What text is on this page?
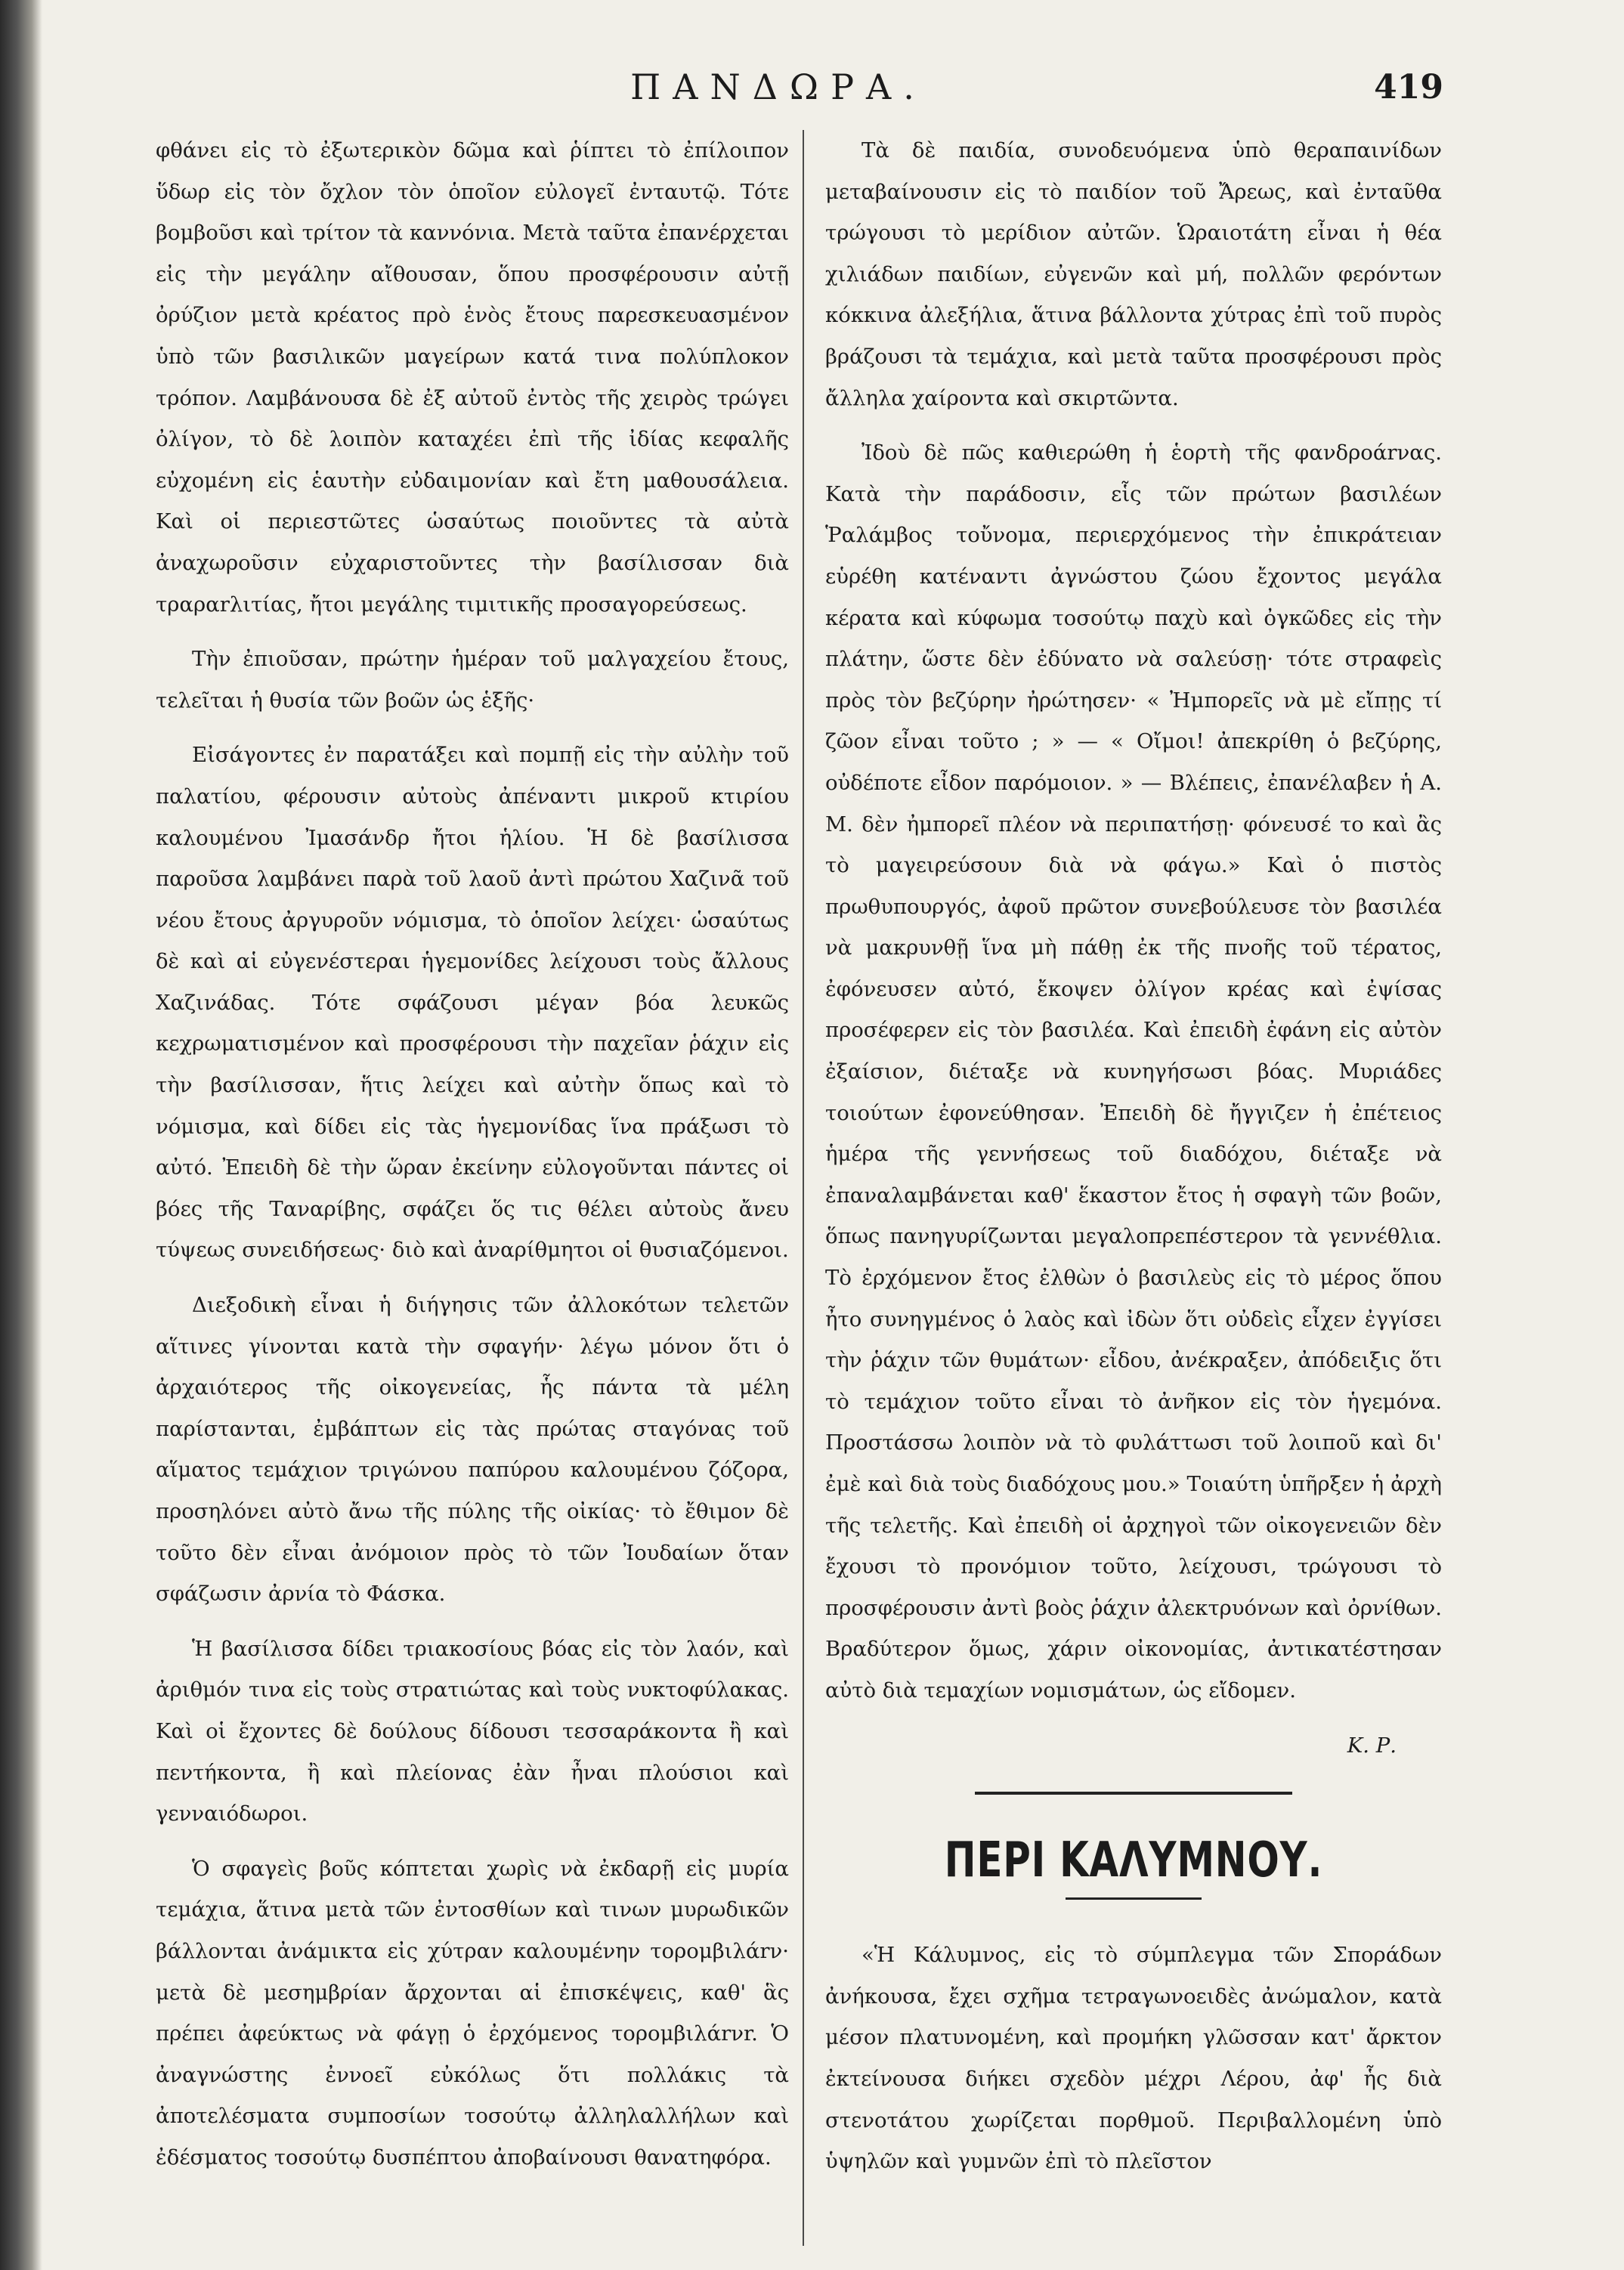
ΠΑΝΔΩΡΑ.	419

φθάνει εἰς τὸ ἐξωτερικὸν δῶμα καὶ ῥίπτει τὸ ἐπίλοιπον ὕδωρ εἰς τὸν ὄχλον τὸν ὁποῖον εὐλογεῖ ἐνταυτῷ. Τότε βομβοῦσι καὶ τρίτον τὰ καννόνια. Μετὰ ταῦτα ἐπανέρχεται εἰς τὴν μεγάλην αἴθουσαν, ὅπου προσφέρουσιν αὐτῇ ὀρύζιον μετὰ κρέατος πρὸ ἑνὸς ἔτους παρεσκευασμένον ὑπὸ τῶν βασιλικῶν μαγείρων κατά τινα πολύπλοκον τρόπον. Λαμβάνουσα δὲ ἐξ αὐτοῦ ἐντὸς τῆς χειρὸς τρώγει ὀλίγον, τὸ δὲ λοιπὸν καταχέει ἐπὶ τῆς ἰδίας κεφαλῆς εὐχομένη εἰς ἑαυτὴν εὐδαιμονίαν καὶ ἔτη μαθουσάλεια. Καὶ οἱ περιεστῶτες ὡσαύτως ποιοῦντες τὰ αὐτὰ ἀναχωροῦσιν εὐχαριστοῦντες τὴν βασίλισσαν διὰ τραραrλιτίας, ἤτοι μεγάλης τιμιτικῆς προσαγορεύσεως.

Τὴν ἐπιοῦσαν, πρώτην ἡμέραν τοῦ μαλγαχείου ἔτους, τελεῖται ἡ θυσία τῶν βοῶν ὡς ἑξῆς·

Εἰσάγοντες ἐν παρατάξει καὶ πομπῇ εἰς τὴν αὐλὴν τοῦ παλατίου, φέρουσιν αὐτοὺς ἀπέναντι μικροῦ κτιρίου καλουμένου Ἰμασάνδρ ἤτοι ἡλίου. Ἡ δὲ βασίλισσα παροῦσα λαμβάνει παρὰ τοῦ λαοῦ ἀντὶ πρώτου Χαζινᾶ τοῦ νέου ἔτους ἀργυροῦν νόμισμα, τὸ ὁποῖον λείχει· ὡσαύτως δὲ καὶ αἱ εὐγενέστεραι ἡγεμονίδες λείχουσι τοὺς ἄλλους Χαζινάδας. Τότε σφάζουσι μέγαν βόα λευκῶς κεχρωματισμένον καὶ προσφέρουσι τὴν παχεῖαν ῥάχιν εἰς τὴν βασίλισσαν, ἥτις λείχει καὶ αὐτὴν ὅπως καὶ τὸ νόμισμα, καὶ δίδει εἰς τὰς ἡγεμονίδας ἵνα πράξωσι τὸ αὐτό. Ἐπειδὴ δὲ τὴν ὥραν ἐκείνην εὐλογοῦνται πάντες οἱ βόες τῆς Ταναρίβης, σφάζει ὅς τις θέλει αὐτοὺς ἄνευ τύψεως συνειδήσεως· διὸ καὶ ἀναρίθμητοι οἱ θυσιαζόμενοι.

Διεξοδικὴ εἶναι ἡ διήγησις τῶν ἀλλοκότων τελετῶν αἵτινες γίνονται κατὰ τὴν σφαγήν· λέγω μόνον ὅτι ὁ ἀρχαιότερος τῆς οἰκογενείας, ἧς πάντα τὰ μέλη παρίστανται, ἐμβάπτων εἰς τὰς πρώτας σταγόνας τοῦ αἵματος τεμάχιον τριγώνου παπύρου καλουμένου ζόζορα, προσηλόνει αὐτὸ ἄνω τῆς πύλης τῆς οἰκίας· τὸ ἔθιμον δὲ τοῦτο δὲν εἶναι ἀνόμοιον πρὸς τὸ τῶν Ἰουδαίων ὅταν σφάζωσιν ἀρνία τὸ Φάσκα.

Ἡ βασίλισσα δίδει τριακοσίους βόας εἰς τὸν λαόν, καὶ ἀριθμόν τινα εἰς τοὺς στρατιώτας καὶ τοὺς νυκτοφύλακας. Καὶ οἱ ἔχοντες δὲ δούλους δίδουσι τεσσαράκοντα ἢ καὶ πεντήκοντα, ἢ καὶ πλείονας ἐὰν ἦναι πλούσιοι καὶ γενναιόδωροι.

Ὁ σφαγεὶς βοῦς κόπτεται χωρὶς νὰ ἐκδαρῇ εἰς μυρία τεμάχια, ἅτινα μετὰ τῶν ἐντοσθίων καὶ τινων μυρωδικῶν βάλλονται ἀνάμικτα εἰς χύτραν καλουμένην τορομβιλάrν· μετὰ δὲ μεσημβρίαν ἄρχονται αἱ ἐπισκέψεις, καθ' ἃς πρέπει ἀφεύκτως νὰ φάγῃ ὁ ἐρχόμενος τορομβιλάrνr. Ὁ ἀναγνώστης ἐννοεῖ εὐκόλως ὅτι πολλάκις τὰ ἀποτελέσματα συμποσίων τοσούτῳ ἀλληλαλλήλων καὶ ἐδέσματος τοσούτῳ δυσπέπτου ἀποβαίνουσι θανατηφόρα.

Τὰ δὲ παιδία, συνοδευόμενα ὑπὸ θεραπαινίδων μεταβαίνουσιν εἰς τὸ παιδίον τοῦ Ἄρεως, καὶ ἐνταῦθα τρώγουσι τὸ μερίδιον αὐτῶν. Ὡραιοτάτη εἶναι ἡ θέα χιλιάδων παιδίων, εὐγενῶν καὶ μή, πολλῶν φερόντων κόκκινα ἀλεξήλια, ἅτινα βάλλοντα χύτρας ἐπὶ τοῦ πυρὸς βράζουσι τὰ τεμάχια, καὶ μετὰ ταῦτα προσφέρουσι πρὸς ἄλληλα χαίροντα καὶ σκιρτῶντα.

Ἰδοὺ δὲ πῶς καθιερώθη ἡ ἑορτὴ τῆς φανδροάrνας. Κατὰ τὴν παράδοσιν, εἷς τῶν πρώτων βασιλέων Ῥαλάμβος τοὔνομα, περιερχόμενος τὴν ἐπικράτειαν εὑρέθη κατέναντι ἀγνώστου ζώου ἔχοντος μεγάλα κέρατα καὶ κύφωμα τοσούτῳ παχὺ καὶ ὀγκῶδες εἰς τὴν πλάτην, ὥστε δὲν ἐδύνατο νὰ σαλεύσῃ· τότε στραφεὶς πρὸς τὸν βεζύρην ἠρώτησεν· « Ἠμπορεῖς νὰ μὲ εἴπῃς τί ζῶον εἶναι τοῦτο ; » — « Οἴμοι! ἀπεκρίθη ὁ βεζύρης, οὐδέποτε εἶδον παρόμοιον. » — Βλέπεις, ἐπανέλαβεν ἡ Α. Μ. δὲν ἠμπορεῖ πλέον νὰ περιπατήσῃ· φόνευσέ το καὶ ἂς τὸ μαγειρεύσουν διὰ νὰ φάγω.» Καὶ ὁ πιστὸς πρωθυπουργός, ἀφοῦ πρῶτον συνεβούλευσε τὸν βασιλέα νὰ μακρυνθῇ ἵνα μὴ πάθῃ ἐκ τῆς πνοῆς τοῦ τέρατος, ἐφόνευσεν αὐτό, ἔκοψεν ὀλίγον κρέας καὶ ἐψίσας προσέφερεν εἰς τὸν βασιλέα. Καὶ ἐπειδὴ ἐφάνη εἰς αὐτὸν ἐξαίσιον, διέταξε νὰ κυνηγήσωσι βόας. Μυριάδες τοιούτων ἐφονεύθησαν. Ἐπειδὴ δὲ ἤγγιζεν ἡ ἐπέτειος ἡμέρα τῆς γεννήσεως τοῦ διαδόχου, διέταξε νὰ ἐπαναλαμβάνεται καθ' ἕκαστον ἔτος ἡ σφαγὴ τῶν βοῶν, ὅπως πανηγυρίζωνται μεγαλοπρεπέστερον τὰ γεννέθλια. Τὸ ἐρχόμενον ἔτος ἐλθὼν ὁ βασιλεὺς εἰς τὸ μέρος ὅπου ἦτο συνηγμένος ὁ λαὸς καὶ ἰδὼν ὅτι οὐδεὶς εἶχεν ἐγγίσει τὴν ῥάχιν τῶν θυμάτων· εἶδου, ἀνέκραξεν, ἀπόδειξις ὅτι τὸ τεμάχιον τοῦτο εἶναι τὸ ἀνῆκον εἰς τὸν ἡγεμόνα. Προστάσσω λοιπὸν νὰ τὸ φυλάττωσι τοῦ λοιποῦ καὶ δι' ἐμὲ καὶ διὰ τοὺς διαδόχους μου.» Τοιαύτη ὑπῆρξεν ἡ ἀρχὴ τῆς τελετῆς. Καὶ ἐπειδὴ οἱ ἀρχηγοὶ τῶν οἰκογενειῶν δὲν ἔχουσι τὸ προνόμιον τοῦτο, λείχουσι, τρώγουσι τὸ προσφέρουσιν ἀντὶ βοὸς ῥάχιν ἀλεκτρυόνων καὶ ὀρνίθων. Βραδύτερον ὅμως, χάριν οἰκονομίας, ἀντικατέστησαν αὐτὸ διὰ τεμαχίων νομισμάτων, ὡς εἴδομεν.

Κ. Ρ.
ΠΕΡΙ ΚΑΛΥΜΝΟΥ.

«Ἡ Κάλυμνος, εἰς τὸ σύμπλεγμα τῶν Σποράδων ἀνήκουσα, ἔχει σχῆμα τετραγωνοειδὲς ἀνώμαλον, κατὰ μέσον πλατυνομένη, καὶ προμήκη γλῶσσαν κατ' ἄρκτον ἐκτείνουσα διήκει σχεδὸν μέχρι Λέρου, ἀφ' ἧς διὰ στενοτάτου χωρίζεται πορθμοῦ. Περιβαλλομένη ὑπὸ ὑψηλῶν καὶ γυμνῶν ἐπὶ τὸ πλεῖστον
